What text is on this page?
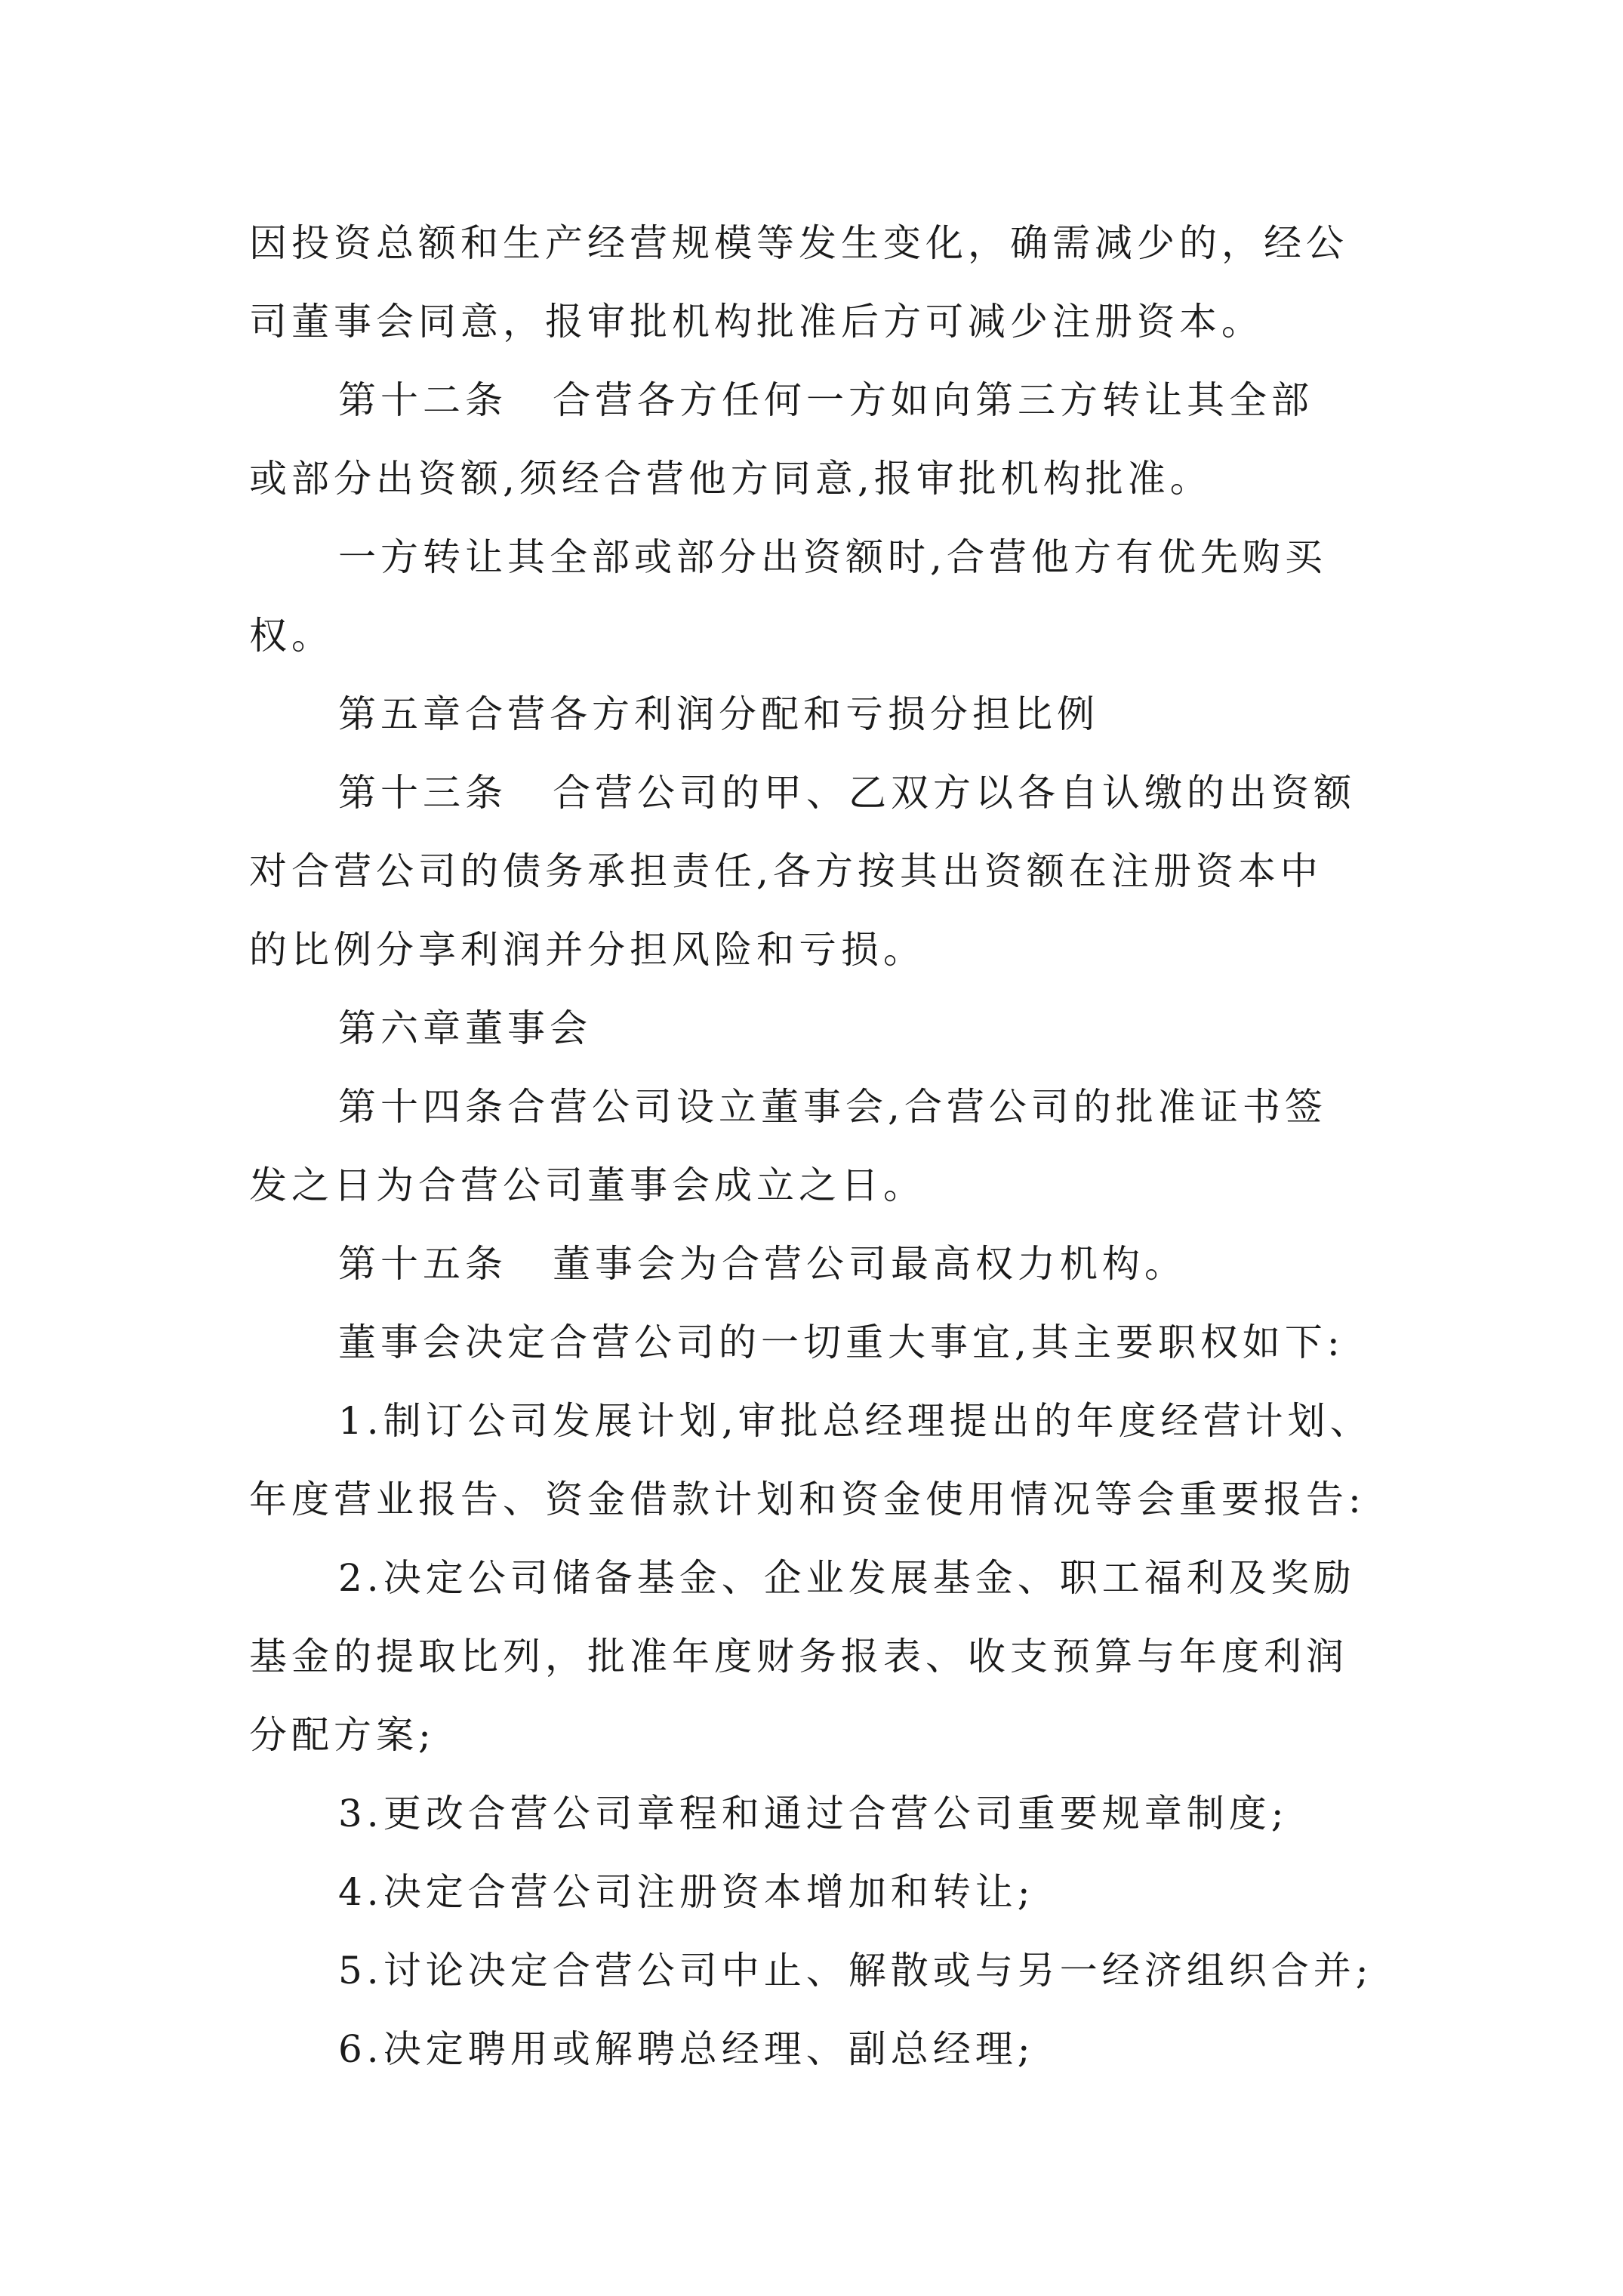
因投资总额和生产经营规模等发生变化，确需减少的，经公

司董事会同意，报审批机构批准后方可减少注册资本。

第十二条 合营各方任何一方如向第三方转让其全部

或部分出资额,须经合营他方同意,报审批机构批准。

一方转让其全部或部分出资额时,合营他方有优先购买

权。

第五章合营各方利润分配和亏损分担比例

第十三条 合营公司的甲、乙双方以各自认缴的出资额

对合营公司的债务承担责任,各方按其出资额在注册资本中

的比例分享利润并分担风险和亏损。

第六章董事会

第十四条合营公司设立董事会,合营公司的批准证书签

发之日为合营公司董事会成立之日。

第十五条 董事会为合营公司最高权力机构。

董事会决定合营公司的一切重大事宜,其主要职权如下:

1.制订公司发展计划,审批总经理提出的年度经营计划、

年度营业报告、资金借款计划和资金使用情况等会重要报告:

2.决定公司储备基金、企业发展基金、职工福利及奖励

基金的提取比列，批准年度财务报表、收支预算与年度利润

分配方案;

3.更改合营公司章程和通过合营公司重要规章制度;

4.决定合营公司注册资本增加和转让;

5.讨论决定合营公司中止、解散或与另一经济组织合并;

6.决定聘用或解聘总经理、副总经理;
